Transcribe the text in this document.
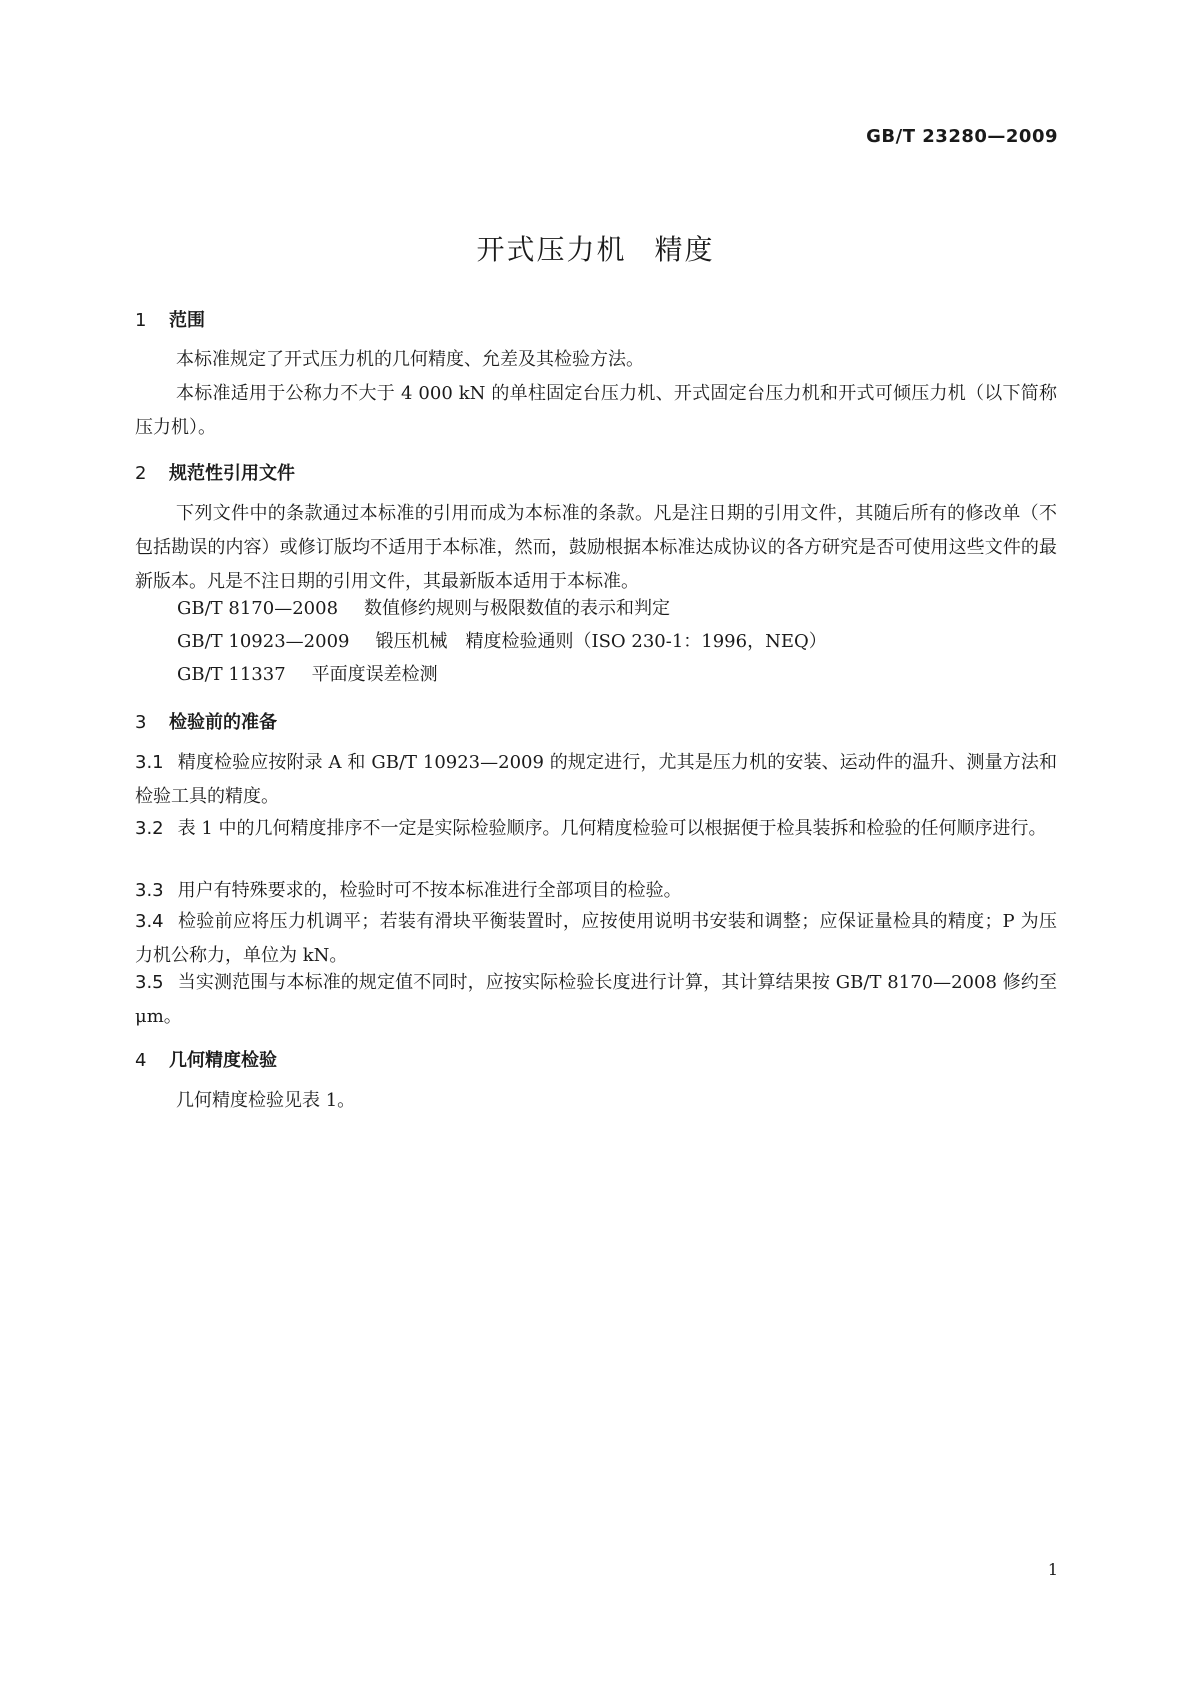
GB/T 23280—2009
开式压力机 精度
1 范围
本标准规定了开式压力机的几何精度、允差及其检验方法。
本标准适用于公称力不大于 4 000 kN 的单柱固定台压力机、开式固定台压力机和开式可倾压力机（以下简称压力机）。
2 规范性引用文件
下列文件中的条款通过本标准的引用而成为本标准的条款。凡是注日期的引用文件，其随后所有的修改单（不包括勘误的内容）或修订版均不适用于本标准，然而，鼓励根据本标准达成协议的各方研究是否可使用这些文件的最新版本。凡是不注日期的引用文件，其最新版本适用于本标准。
GB/T 8170—2008 数值修约规则与极限数值的表示和判定
GB/T 10923—2009 锻压机械　精度检验通则（ISO 230-1：1996，NEQ）
GB/T 11337 平面度误差检测
3 检验前的准备
3.1 精度检验应按附录 A 和 GB/T 10923—2009 的规定进行，尤其是压力机的安装、运动件的温升、测量方法和检验工具的精度。
3.2 表 1 中的几何精度排序不一定是实际检验顺序。几何精度检验可以根据便于检具装拆和检验的任何顺序进行。
3.3 用户有特殊要求的，检验时可不按本标准进行全部项目的检验。
3.4 检验前应将压力机调平；若装有滑块平衡装置时，应按使用说明书安装和调整；应保证量检具的精度；P 为压力机公称力，单位为 kN。
3.5 当实测范围与本标准的规定值不同时，应按实际检验长度进行计算，其计算结果按 GB/T 8170—2008 修约至 μm。
4 几何精度检验
几何精度检验见表 1。
1
